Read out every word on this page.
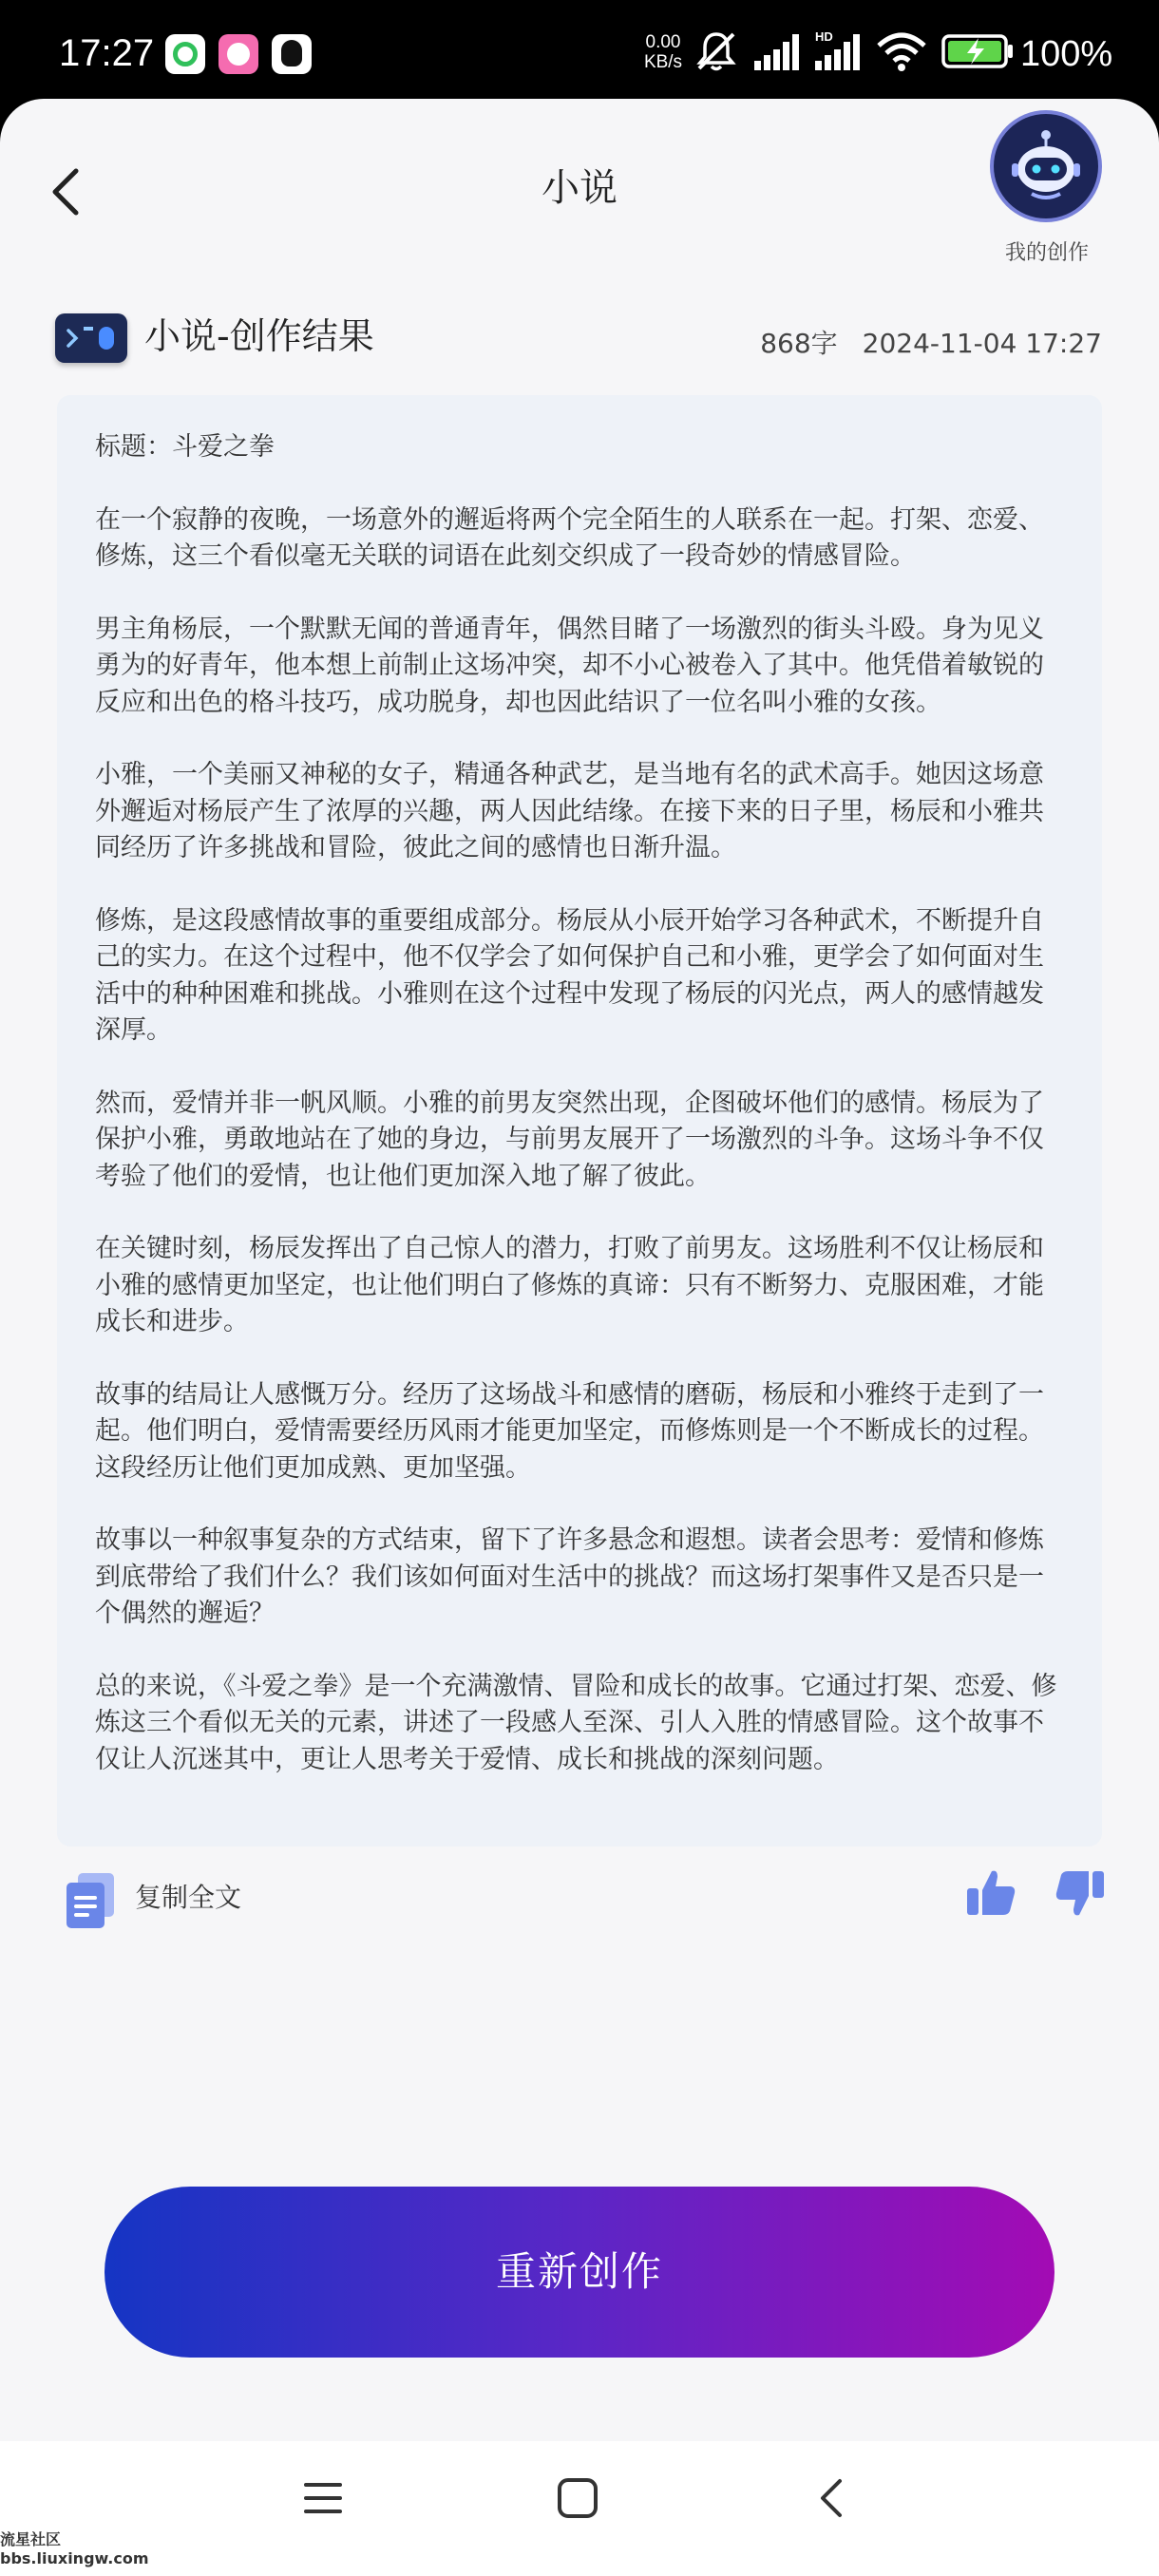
17:27	0.00
KB/s
HD	100%
小说
我的创作
小说-创作结果	868字 2024-11-04 17:27

标题：斗爱之拳

在一个寂静的夜晚，一场意外的邂逅将两个完全陌生的人联系在一起。打架、恋爱、修炼，这三个看似毫无关联的词语在此刻交织成了一段奇妙的情感冒险。

男主角杨辰，一个默默无闻的普通青年，偶然目睹了一场激烈的街头斗殴。身为见义勇为的好青年，他本想上前制止这场冲突，却不小心被卷入了其中。他凭借着敏锐的反应和出色的格斗技巧，成功脱身，却也因此结识了一位名叫小雅的女孩。

小雅，一个美丽又神秘的女子，精通各种武艺，是当地有名的武术高手。她因这场意外邂逅对杨辰产生了浓厚的兴趣，两人因此结缘。在接下来的日子里，杨辰和小雅共同经历了许多挑战和冒险，彼此之间的感情也日渐升温。

修炼，是这段感情故事的重要组成部分。杨辰从小辰开始学习各种武术，不断提升自己的实力。在这个过程中，他不仅学会了如何保护自己和小雅，更学会了如何面对生活中的种种困难和挑战。小雅则在这个过程中发现了杨辰的闪光点，两人的感情越发深厚。

然而，爱情并非一帆风顺。小雅的前男友突然出现，企图破坏他们的感情。杨辰为了保护小雅，勇敢地站在了她的身边，与前男友展开了一场激烈的斗争。这场斗争不仅考验了他们的爱情，也让他们更加深入地了解了彼此。

在关键时刻，杨辰发挥出了自己惊人的潜力，打败了前男友。这场胜利不仅让杨辰和小雅的感情更加坚定，也让他们明白了修炼的真谛：只有不断努力、克服困难，才能成长和进步。

故事的结局让人感慨万分。经历了这场战斗和感情的磨砺，杨辰和小雅终于走到了一起。他们明白，爱情需要经历风雨才能更加坚定，而修炼则是一个不断成长的过程。这段经历让他们更加成熟、更加坚强。

故事以一种叙事复杂的方式结束，留下了许多悬念和遐想。读者会思考：爱情和修炼到底带给了我们什么？我们该如何面对生活中的挑战？而这场打架事件又是否只是一个偶然的邂逅？

总的来说，《斗爱之拳》是一个充满激情、冒险和成长的故事。它通过打架、恋爱、修炼这三个看似无关的元素，讲述了一段感人至深、引人入胜的情感冒险。这个故事不仅让人沉迷其中，更让人思考关于爱情、成长和挑战的深刻问题。

复制全文
重新创作
流星社区
bbs.liuxingw.com
